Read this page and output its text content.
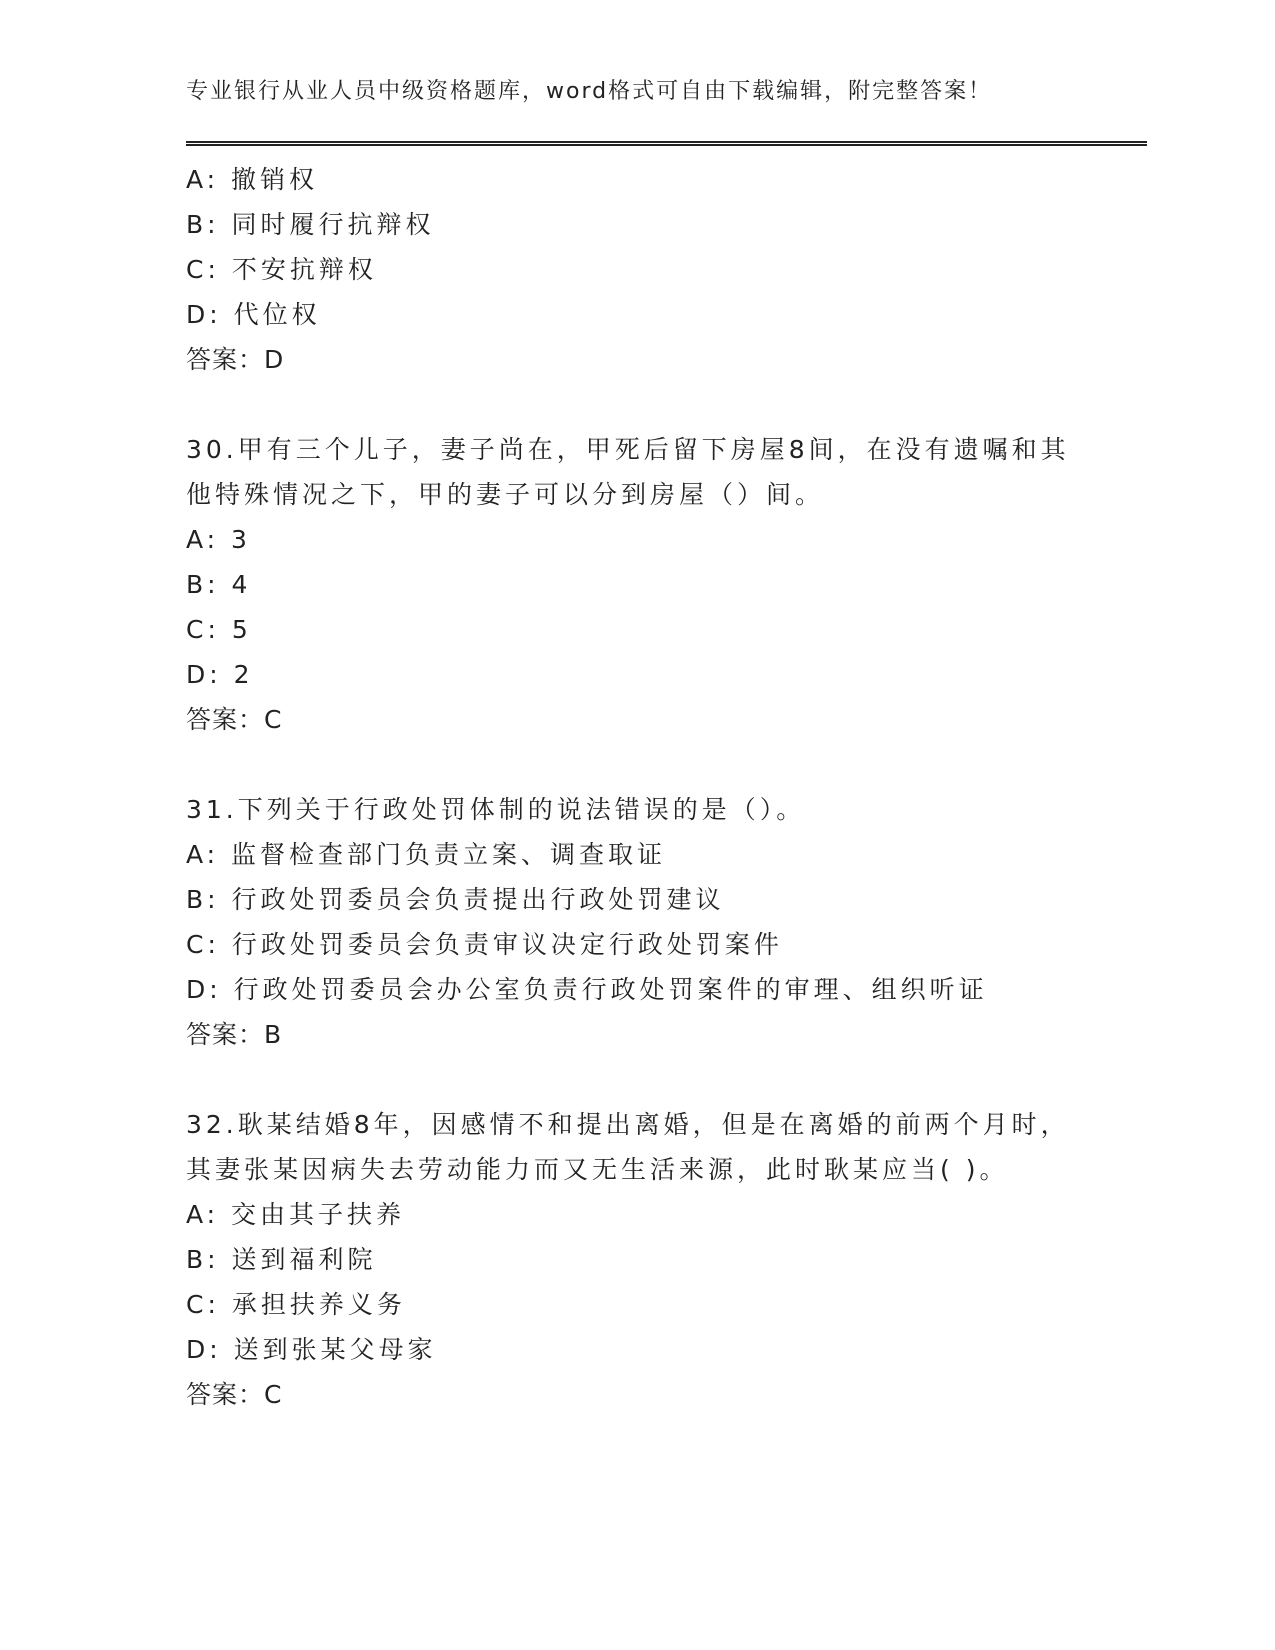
专业银行从业人员中级资格题库，word格式可自由下载编辑，附完整答案！
A: 撤销权
B: 同时履行抗辩权
C: 不安抗辩权
D: 代位权
答案：D
30.甲有三个儿子，妻子尚在，甲死后留下房屋8间，在没有遗嘱和其
他特殊情况之下，甲的妻子可以分到房屋（）间。
A: 3
B: 4
C: 5
D: 2
答案：C
31.下列关于行政处罚体制的说法错误的是（）。
A: 监督检查部门负责立案、调查取证
B: 行政处罚委员会负责提出行政处罚建议
C: 行政处罚委员会负责审议决定行政处罚案件
D: 行政处罚委员会办公室负责行政处罚案件的审理、组织听证
答案：B
32.耿某结婚8年，因感情不和提出离婚，但是在离婚的前两个月时，
其妻张某因病失去劳动能力而又无生活来源，此时耿某应当( )。
A: 交由其子扶养
B: 送到福利院
C: 承担扶养义务
D: 送到张某父母家
答案：C
